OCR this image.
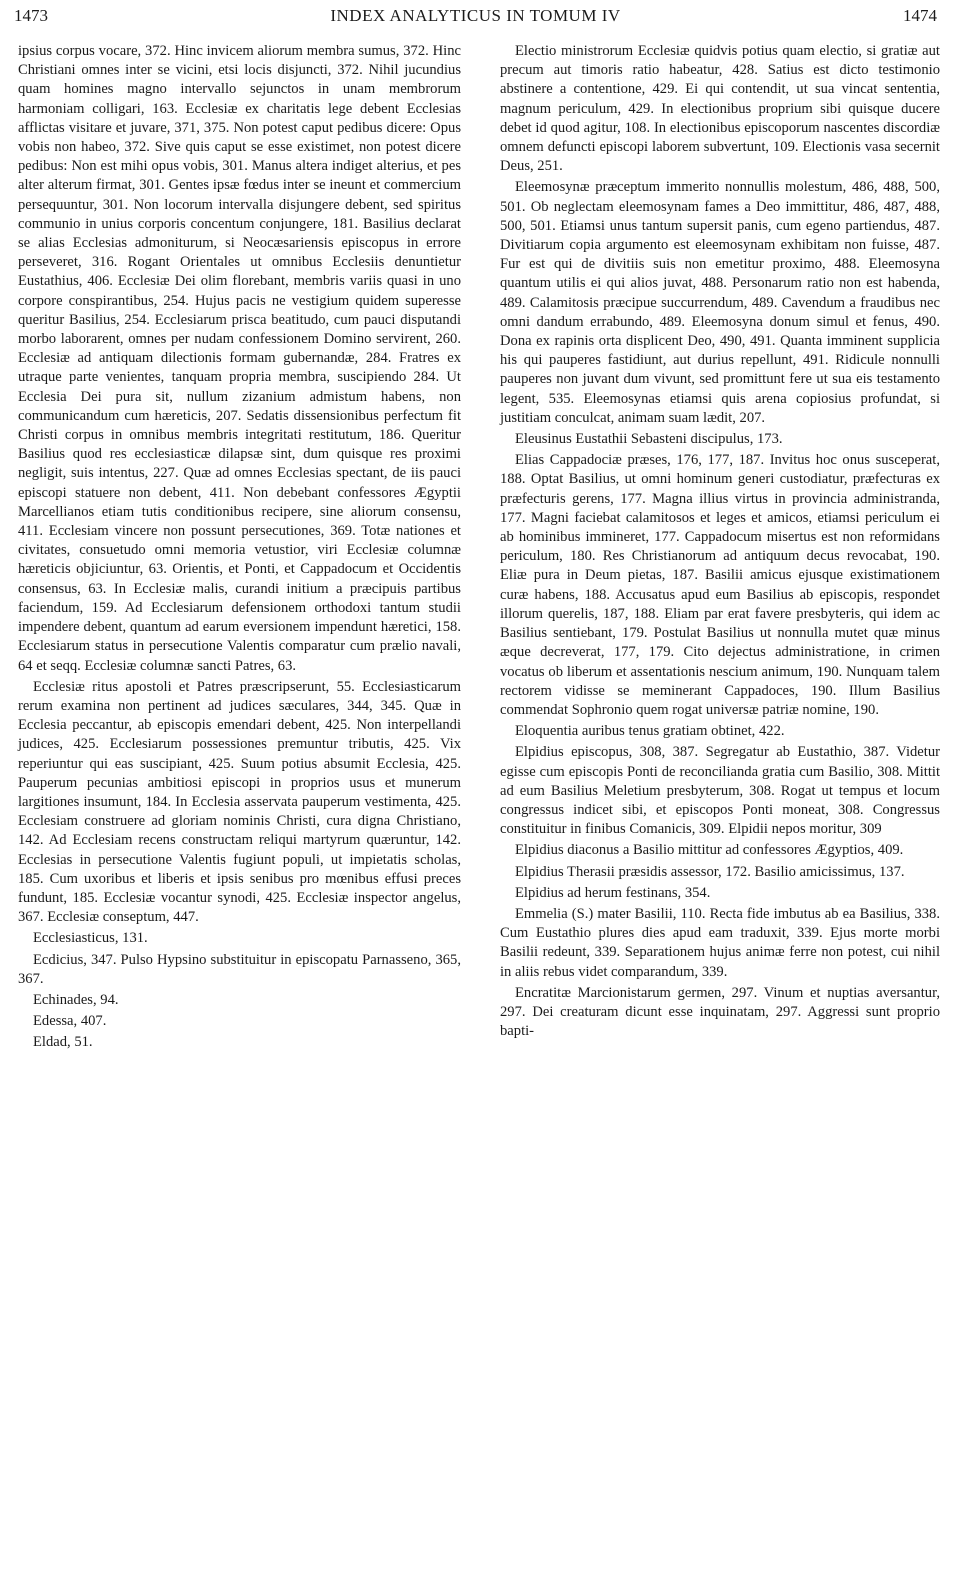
1473	INDEX ANALYTICUS IN TOMUM IV	1474

ipsius corpus vocare, 372. Hinc invicem aliorum membra sumus, 372. Hinc Christiani omnes inter se vicini, etsi locis disjuncti, 372. Nihil jucundius quam homines magno intervallo sejunctos in unam membrorum harmoniam colligari, 163. Ecclesiæ ex charitatis lege debent Ecclesias afflictas visitare et juvare, 371, 375. Non potest caput pedibus dicere: Opus vobis non habeo, 372. Sive quis caput se esse existimet, non potest dicere pedibus: Non est mihi opus vobis, 301. Manus altera indiget alterius, et pes alter alterum firmat, 301. Gentes ipsæ fœdus inter se ineunt et commercium persequuntur, 301. Non locorum intervalla disjungere debent, sed spiritus communio in unius corporis concentum conjungere, 181. Basilius declarat se alias Ecclesias admoniturum, si Neocæsariensis episcopus in errore perseveret, 316. Rogant Orientales ut omnibus Ecclesiis denuntietur Eustathius, 406. Ecclesiæ Dei olim florebant, membris variis quasi in uno corpore conspirantibus, 254. Hujus pacis ne vestigium quidem superesse queritur Basilius, 254. Ecclesiarum prisca beatitudo, cum pauci disputandi morbo laborarent, omnes per nudam confessionem Domino servirent, 260. Ecclesiæ ad antiquam dilectionis formam gubernandæ, 284. Fratres ex utraque parte venientes, tanquam propria membra, suscipiendo 284. Ut Ecclesia Dei pura sit, nullum zizanium admistum habens, non communicandum cum hæreticis, 207. Sedatis dissensionibus perfectum fit Christi corpus in omnibus membris integritati restitutum, 186. Queritur Basilius quod res ecclesiasticæ dilapsæ sint, dum quisque res proximi negligit, suis intentus, 227. Quæ ad omnes Ecclesias spectant, de iis pauci episcopi statuere non debent, 411. Non debebant confessores Ægyptii Marcellianos etiam tutis conditionibus recipere, sine aliorum consensu, 411. Ecclesiam vincere non possunt persecutiones, 369. Totæ nationes et civitates, consuetudo omni memoria vetustior, viri Ecclesiæ columnæ hæreticis objiciuntur, 63. Orientis, et Ponti, et Cappadocum et Occidentis consensus, 63. In Ecclesiæ malis, curandi initium a præcipuis partibus faciendum, 159. Ad Ecclesiarum defensionem orthodoxi tantum studii impendere debent, quantum ad earum eversionem impendunt hæretici, 158. Ecclesiarum status in persecutione Valentis comparatur cum prælio navali, 64 et seqq. Ecclesiæ columnæ sancti Patres, 63.

Ecclesiæ ritus apostoli et Patres præscripserunt, 55. Ecclesiasticarum rerum examina non pertinent ad judices sæculares, 344, 345. Quæ in Ecclesia peccantur, ab episcopis emendari debent, 425. Non interpellandi judices, 425. Ecclesiarum possessiones premuntur tributis, 425. Vix reperiuntur qui eas suscipiant, 425. Suum potius absumit Ecclesia, 425. Pauperum pecunias ambitiosi episcopi in proprios usus et munerum largitiones insumunt, 184. In Ecclesia asservata pauperum vestimenta, 425. Ecclesiam construere ad gloriam nominis Christi, cura digna Christiano, 142. Ad Ecclesiam recens constructam reliqui martyrum quæruntur, 142. Ecclesias in persecutione Valentis fugiunt populi, ut impietatis scholas, 185. Cum uxoribus et liberis et ipsis senibus pro mœnibus effusi preces fundunt, 185. Ecclesiæ vocantur synodi, 425. Ecclesiæ inspector angelus, 367. Ecclesiæ conseptum, 447.

Ecclesiasticus, 131.

Ecdicius, 347. Pulso Hypsino substituitur in episcopatu Parnasseno, 365, 367.

Echinades, 94.

Edessa, 407.

Eldad, 51.

Electio ministrorum Ecclesiæ quidvis potius quam electio, si gratiæ aut precum aut timoris ratio habeatur, 428. Satius est dicto testimonio abstinere a contentione, 429. Ei qui contendit, ut sua vincat sententia, magnum periculum, 429. In electionibus proprium sibi quisque ducere debet id quod agitur, 108. In electionibus episcoporum nascentes discordiæ omnem defuncti episcopi laborem subvertunt, 109. Electionis vasa secernit Deus, 251.

Eleemosynæ præceptum immerito nonnullis molestum, 486, 488, 500, 501. Ob neglectam eleemosynam fames a Deo immittitur, 486, 487, 488, 500, 501. Etiamsi unus tantum supersit panis, cum egeno partiendus, 487. Divitiarum copia argumento est eleemosynam exhibitam non fuisse, 487. Fur est qui de divitiis suis non emetitur proximo, 488. Eleemosyna quantum utilis ei qui alios juvat, 488. Personarum ratio non est habenda, 489. Calamitosis præcipue succurrendum, 489. Cavendum a fraudibus nec omni dandum errabundo, 489. Eleemosyna donum simul et fenus, 490. Dona ex rapinis orta displicent Deo, 490, 491. Quanta imminent supplicia his qui pauperes fastidiunt, aut durius repellunt, 491. Ridicule nonnulli pauperes non juvant dum vivunt, sed promittunt fere ut sua eis testamento legent, 535. Eleemosynas etiamsi quis arena copiosius profundat, si justitiam conculcat, animam suam lædit, 207.

Eleusinus Eustathii Sebasteni discipulus, 173.

Elias Cappadociæ præses, 176, 177, 187. Invitus hoc onus susceperat, 188. Optat Basilius, ut omni hominum generi custodiatur, præfecturas ex præfecturis gerens, 177. Magna illius virtus in provincia administranda, 177. Magni faciebat calamitosos et leges et amicos, etiamsi periculum ei ab hominibus immineret, 177. Cappadocum misertus est non reformidans periculum, 180. Res Christianorum ad antiquum decus revocabat, 190. Eliæ pura in Deum pietas, 187. Basilii amicus ejusque existimationem curæ habens, 188. Accusatus apud eum Basilius ab episcopis, respondet illorum querelis, 187, 188. Eliam par erat favere presbyteris, qui idem ac Basilius sentiebant, 179. Postulat Basilius ut nonnulla mutet quæ minus æque decreverat, 177, 179. Cito dejectus administratione, in crimen vocatus ob liberum et assentationis nescium animum, 190. Nunquam talem rectorem vidisse se meminerant Cappadoces, 190. Illum Basilius commendat Sophronio quem rogat universæ patriæ nomine, 190.

Eloquentia auribus tenus gratiam obtinet, 422.

Elpidius episcopus, 308, 387. Segregatur ab Eustathio, 387. Videtur egisse cum episcopis Ponti de reconcilianda gratia cum Basilio, 308. Mittit ad eum Basilius Meletium presbyterum, 308. Rogat ut tempus et locum congressus indicet sibi, et episcopos Ponti moneat, 308. Congressus constituitur in finibus Comanicis, 309. Elpidii nepos moritur, 309

Elpidius diaconus a Basilio mittitur ad confessores Ægyptios, 409.

Elpidius Therasii præsidis assessor, 172. Basilio amicissimus, 137.

Elpidius ad herum festinans, 354.

Emmelia (S.) mater Basilii, 110. Recta fide imbutus ab ea Basilius, 338. Cum Eustathio plures dies apud eam traduxit, 339. Ejus morte morbi Basilii redeunt, 339. Separationem hujus animæ ferre non potest, cui nihil in aliis rebus videt comparandum, 339.

Encratitæ Marcionistarum germen, 297. Vinum et nuptias aversantur, 297. Dei creaturam dicunt esse inquinatam, 297. Aggressi sunt proprio bapti-
